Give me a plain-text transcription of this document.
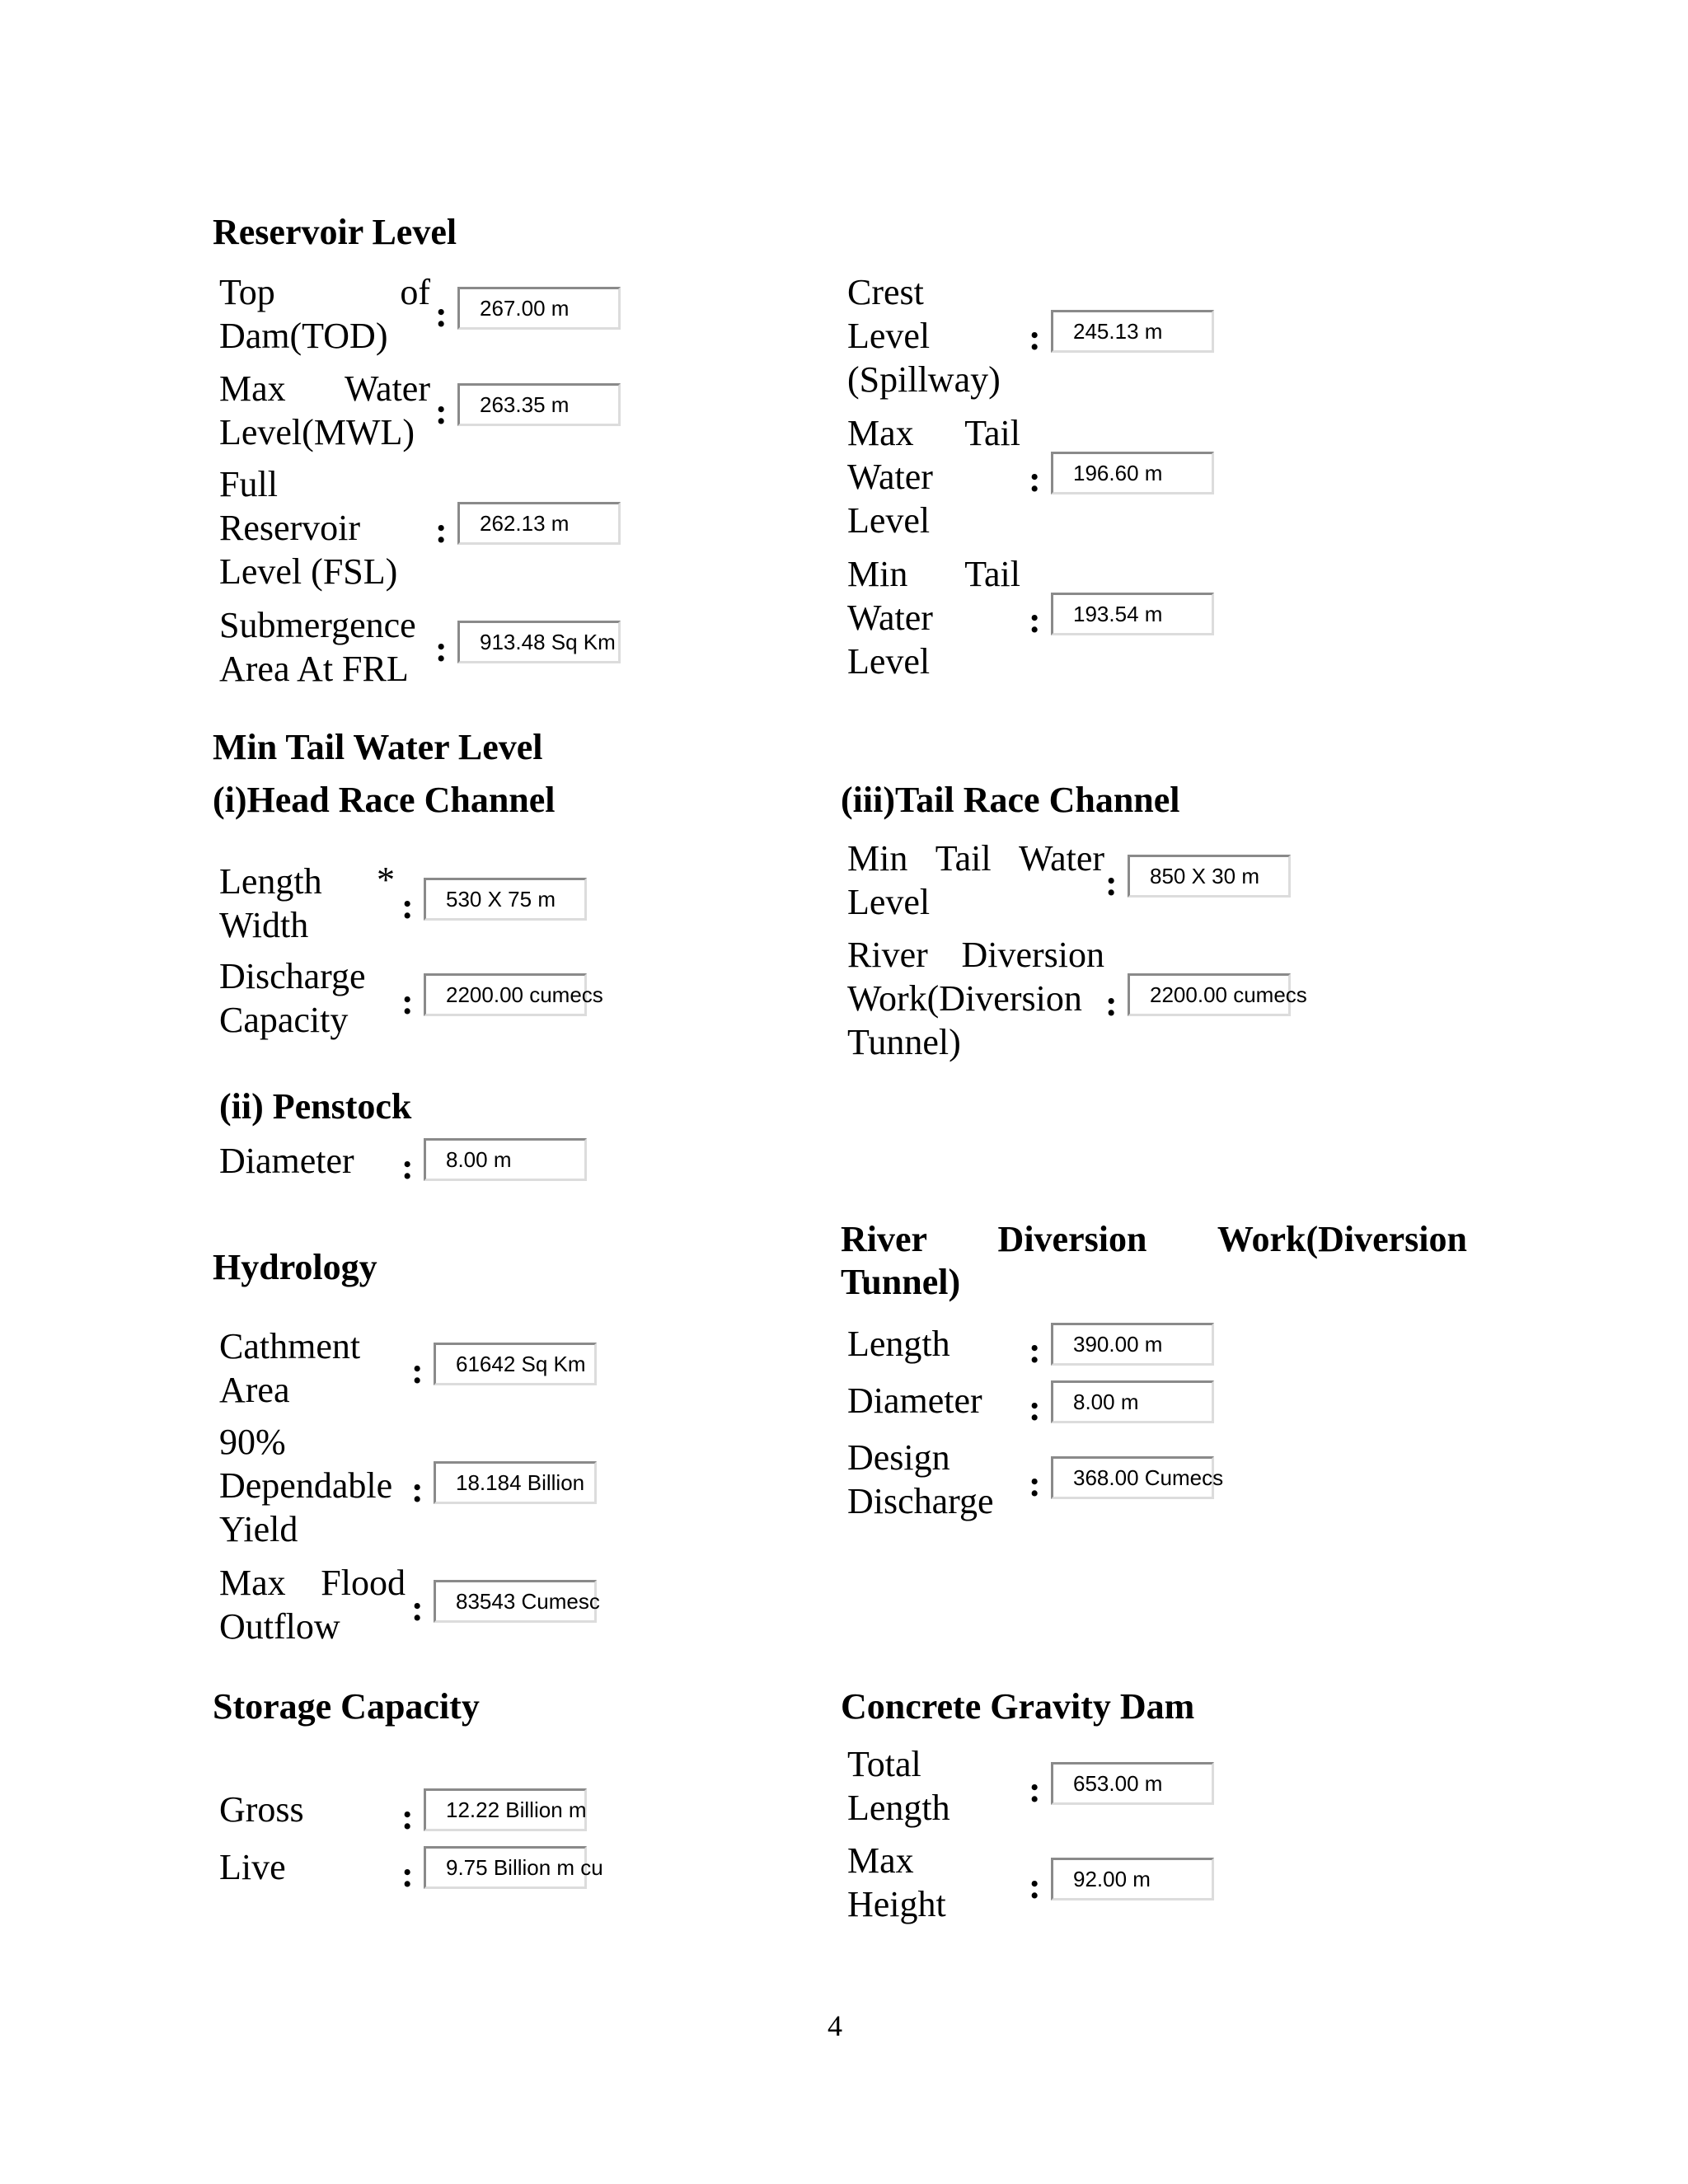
Reservoir Level
Top of
Dam(TOD)
:	267.00 m
Max Water
Level(MWL)
:	263.35 m
Full
Reservoir
Level (FSL)
:	262.13 m
Submergence
Area At FRL :	913.48 Sq Km
Crest
Level
(Spillway)
:	245.13 m
Max Tail
Water
Level
:	196.60 m
Min Tail
Water
Level
:	193.54 m
Min Tail Water Level
(i)Head Race Channel	(iii)Tail Race Channel
Length
Width
*
:	530 X 75 m
Discharge
Capacity	:	2200.00 cumecs
Min Tail Water
Level	:	850 X 30 m
River Diversion
Work(Diversion
Tunnel)
:	2200.00 cumecs
(ii) Penstock
Diameter	:	8.00 m
Hydrology
Cathment
Area	:	61642 Sq Km
90%
Dependable
Yield
:	18.184 Billion
Max Flood
Outflow	:	83543 Cumesc
River Diversion Work(Diversion Tunnel)
Length	:	390.00 m
Diameter	:	8.00 m
Design
Discharge :	368.00 Cumecs
Storage Capacity
Gross	:	12.22 Billion m
Live	:	9.75 Billion m cu
Concrete Gravity Dam
Total
Length	:	653.00 m
Max
Height	:	92.00 m
4
